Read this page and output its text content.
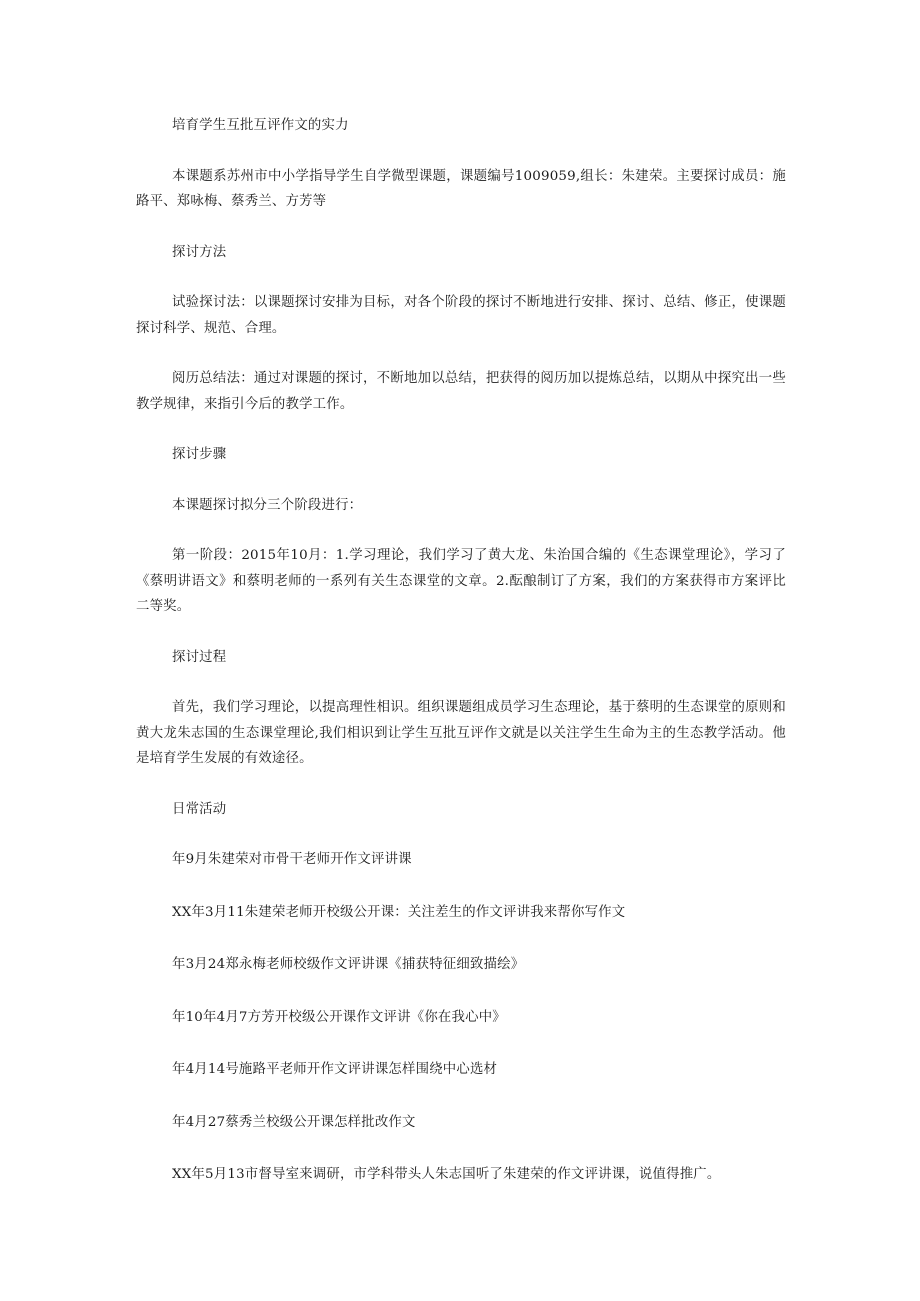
培育学生互批互评作文的实力

本课题系苏州市中小学指导学生自学微型课题，课题编号1009059,组长：朱建荣。主要探讨成员：施路平、郑咏梅、蔡秀兰、方芳等

探讨方法

试验探讨法：以课题探讨安排为目标，对各个阶段的探讨不断地进行安排、探讨、总结、修正，使课题探讨科学、规范、合理。

阅历总结法：通过对课题的探讨，不断地加以总结，把获得的阅历加以提炼总结，以期从中探究出一些教学规律，来指引今后的教学工作。

探讨步骤

本课题探讨拟分三个阶段进行：

第一阶段：2015年10月：1.学习理论，我们学习了黄大龙、朱治国合编的《生态课堂理论》，学习了《蔡明讲语文》和蔡明老师的一系列有关生态课堂的文章。2.酝酿制订了方案，我们的方案获得市方案评比二等奖。

探讨过程

首先，我们学习理论，以提高理性相识。组织课题组成员学习生态理论，基于蔡明的生态课堂的原则和黄大龙朱志国的生态课堂理论,我们相识到让学生互批互评作文就是以关注学生生命为主的生态教学活动。他是培育学生发展的有效途径。

日常活动

年9月朱建荣对市骨干老师开作文评讲课

XX年3月11朱建荣老师开校级公开课：关注差生的作文评讲我来帮你写作文

年3月24郑永梅老师校级作文评讲课《捕获特征细致描绘》

年10年4月7方芳开校级公开课作文评讲《你在我心中》

年4月14号施路平老师开作文评讲课怎样围绕中心选材

年4月27蔡秀兰校级公开课怎样批改作文

XX年5月13市督导室来调研，市学科带头人朱志国听了朱建荣的作文评讲课，说值得推广。
